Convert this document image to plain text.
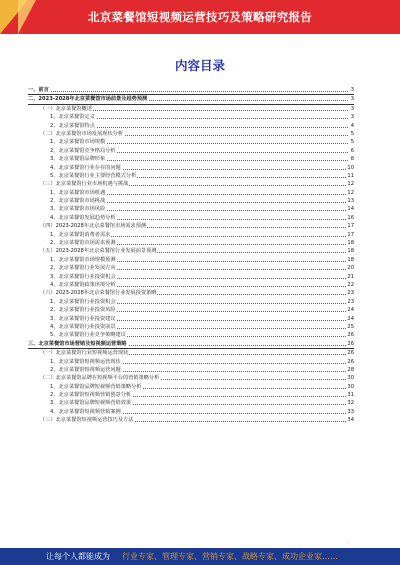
北京菜餐馆短视频运营技巧及策略研究报告
内容目录
一、前言	3
二、2023-2028年北京菜餐馆市场前景及趋势预测	3
（一）北京菜餐馆概述	3
1、北京菜餐馆定义	3
2、北京菜餐馆特点	4
（二）北京菜餐馆市场发展现状分析	5
1、北京菜餐馆市场规模	5
2、北京菜餐馆竞争格局分析	6
3、北京菜餐馆品牌形象	8
4、北京菜餐馆行业存在的问题	10
5、北京菜餐馆行业主要经营模式分析	11
（三）北京菜餐馆行业市场机遇与挑战	12
1、北京菜餐馆市场机遇	12
2、北京菜餐馆市场挑战	13
3、北京菜餐馆市场风险	14
4、北京菜餐馆发展趋势分析	16
（四）2023-2028年北京菜餐馆市场需求预测	17
1、北京菜餐馆消费者需求	17
2、北京菜餐馆市场需求预测	18
（五）2023-2028年北京菜餐馆行业发展前景预测	18
1、北京菜餐馆市场规模预测	18
2、北京菜餐馆行业发展方向	20
3、北京菜餐馆行业投资机会	21
4、北京菜餐馆政策环境分析	22
（六）2023-2028年北京菜餐馆行业发展投资策略	23
1、北京菜餐馆行业投资机会	23
2、北京菜餐馆行业投资风险	24
3、北京菜餐馆行业投资建议	24
4、北京菜餐馆行业投资前景	25
5、北京菜餐馆行业竞争策略建议	26
三、北京菜餐馆市场营销及短视频运营策略	26
（一）北京菜餐馆行业短视频运营现状	26
1、北京菜餐馆短视频运营现状	26
2、北京菜餐馆短视频运营问题	28
（二）北京菜餐馆品牌在短视频平台的营销策略分析	30
1、北京菜餐馆品牌短视频营销策略分析	30
2、北京菜餐馆短视频营销创意分析	31
3、北京菜餐馆品牌短视频营销效果	32
4、北京菜餐馆短视频营销案例	33
（三）北京菜餐馆短视频运营技巧及方法	34
·
让每个人都能成为 行业专家、管理专家、营销专家、战略专家、成功企业家……
